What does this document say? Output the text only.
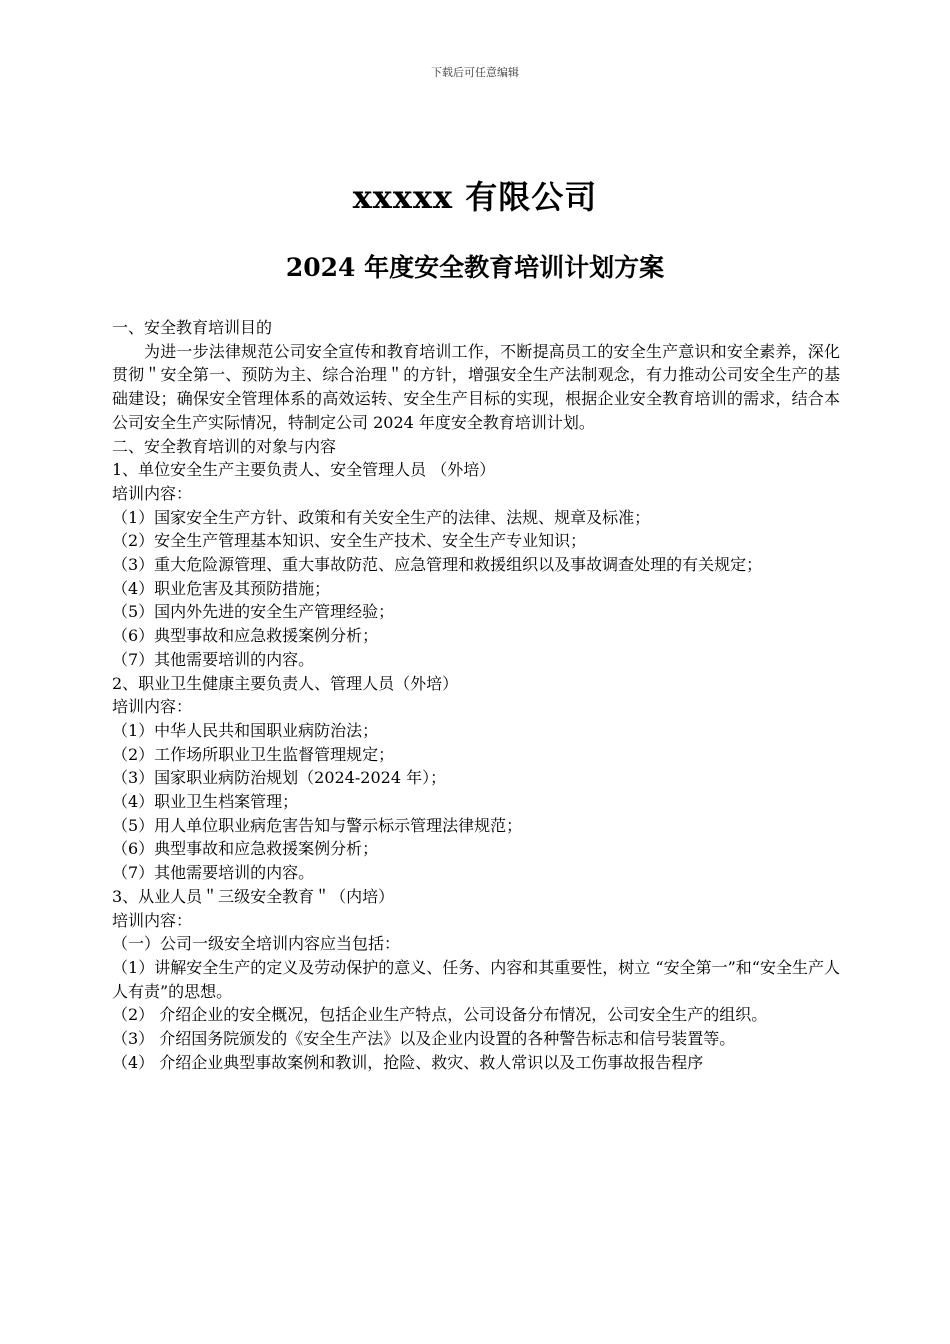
下载后可任意编辑
xxxxx 有限公司
2024 年度安全教育培训计划方案

一、安全教育培训目的

为进一步法律规范公司安全宣传和教育培训工作，不断提高员工的安全生产意识和安全素养，深化贯彻＂安全第一、预防为主、综合治理＂的方针，增强安全生产法制观念，有力推动公司安全生产的基础建设；确保安全管理体系的高效运转、安全生产目标的实现，根据企业安全教育培训的需求，结合本公司安全生产实际情况，特制定公司 2024 年度安全教育培训计划。

二、安全教育培训的对象与内容

1、单位安全生产主要负责人、安全管理人员 （外培）

培训内容：

（1）国家安全生产方针、政策和有关安全生产的法律、法规、规章及标准；

（2）安全生产管理基本知识、安全生产技术、安全生产专业知识；

（3）重大危险源管理、重大事故防范、应急管理和救援组织以及事故调查处理的有关规定；

（4）职业危害及其预防措施；

（5）国内外先进的安全生产管理经验；

（6）典型事故和应急救援案例分析；

（7）其他需要培训的内容。

2、职业卫生健康主要负责人、管理人员（外培）

培训内容：

（1）中华人民共和国职业病防治法；

（2）工作场所职业卫生监督管理规定；

（3）国家职业病防治规划（2024-2024 年）；

（4）职业卫生档案管理；

（5）用人单位职业病危害告知与警示标示管理法律规范；

（6）典型事故和应急救援案例分析；

（7）其他需要培训的内容。

3、从业人员＂三级安全教育＂（内培）

培训内容：

（一）公司一级安全培训内容应当包括：

（1）讲解安全生产的定义及劳动保护的意义、任务、内容和其重要性，树立 “安全第一”和“安全生产人人有责”的思想。

（2） 介绍企业的安全概况，包括企业生产特点，公司设备分布情况，公司安全生产的组织。

（3） 介绍国务院颁发的《安全生产法》以及企业内设置的各种警告标志和信号装置等。

（4） 介绍企业典型事故案例和教训，抢险、救灾、救人常识以及工伤事故报告程序
